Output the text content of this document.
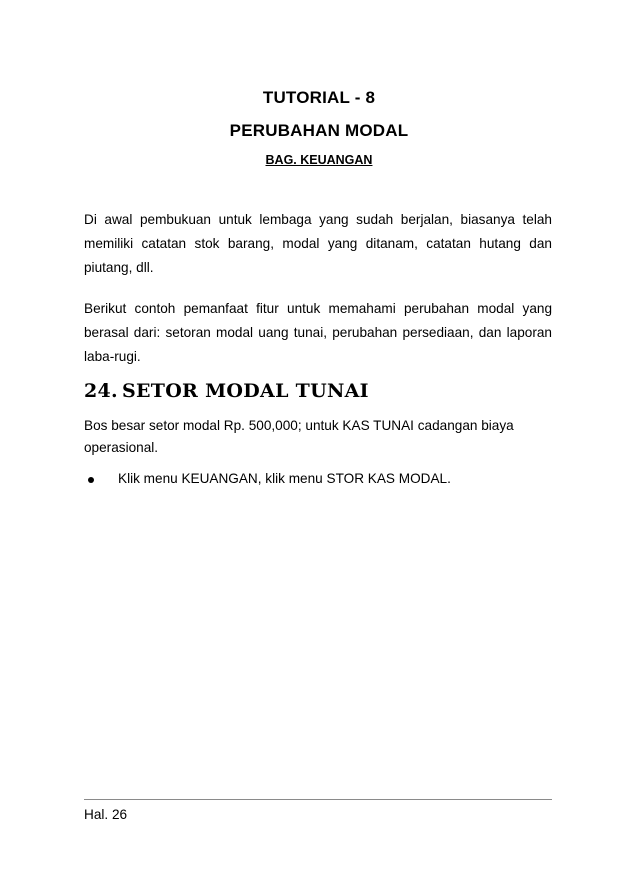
TUTORIAL - 8
PERUBAHAN MODAL
BAG. KEUANGAN

Di awal pembukuan untuk lembaga yang sudah berjalan, biasanya telah memiliki catatan stok barang, modal yang ditanam, catatan hutang dan piutang, dll.

Berikut contoh pemanfaat fitur untuk memahami perubahan modal yang berasal dari: setoran modal uang tunai, perubahan persediaan, dan laporan laba-rugi.

24. SETOR MODAL TUNAI
Bos besar setor modal Rp. 500,000; untuk KAS TUNAI cadangan biaya operasional.
Klik menu KEUANGAN, klik menu STOR KAS MODAL.
Hal. 26
